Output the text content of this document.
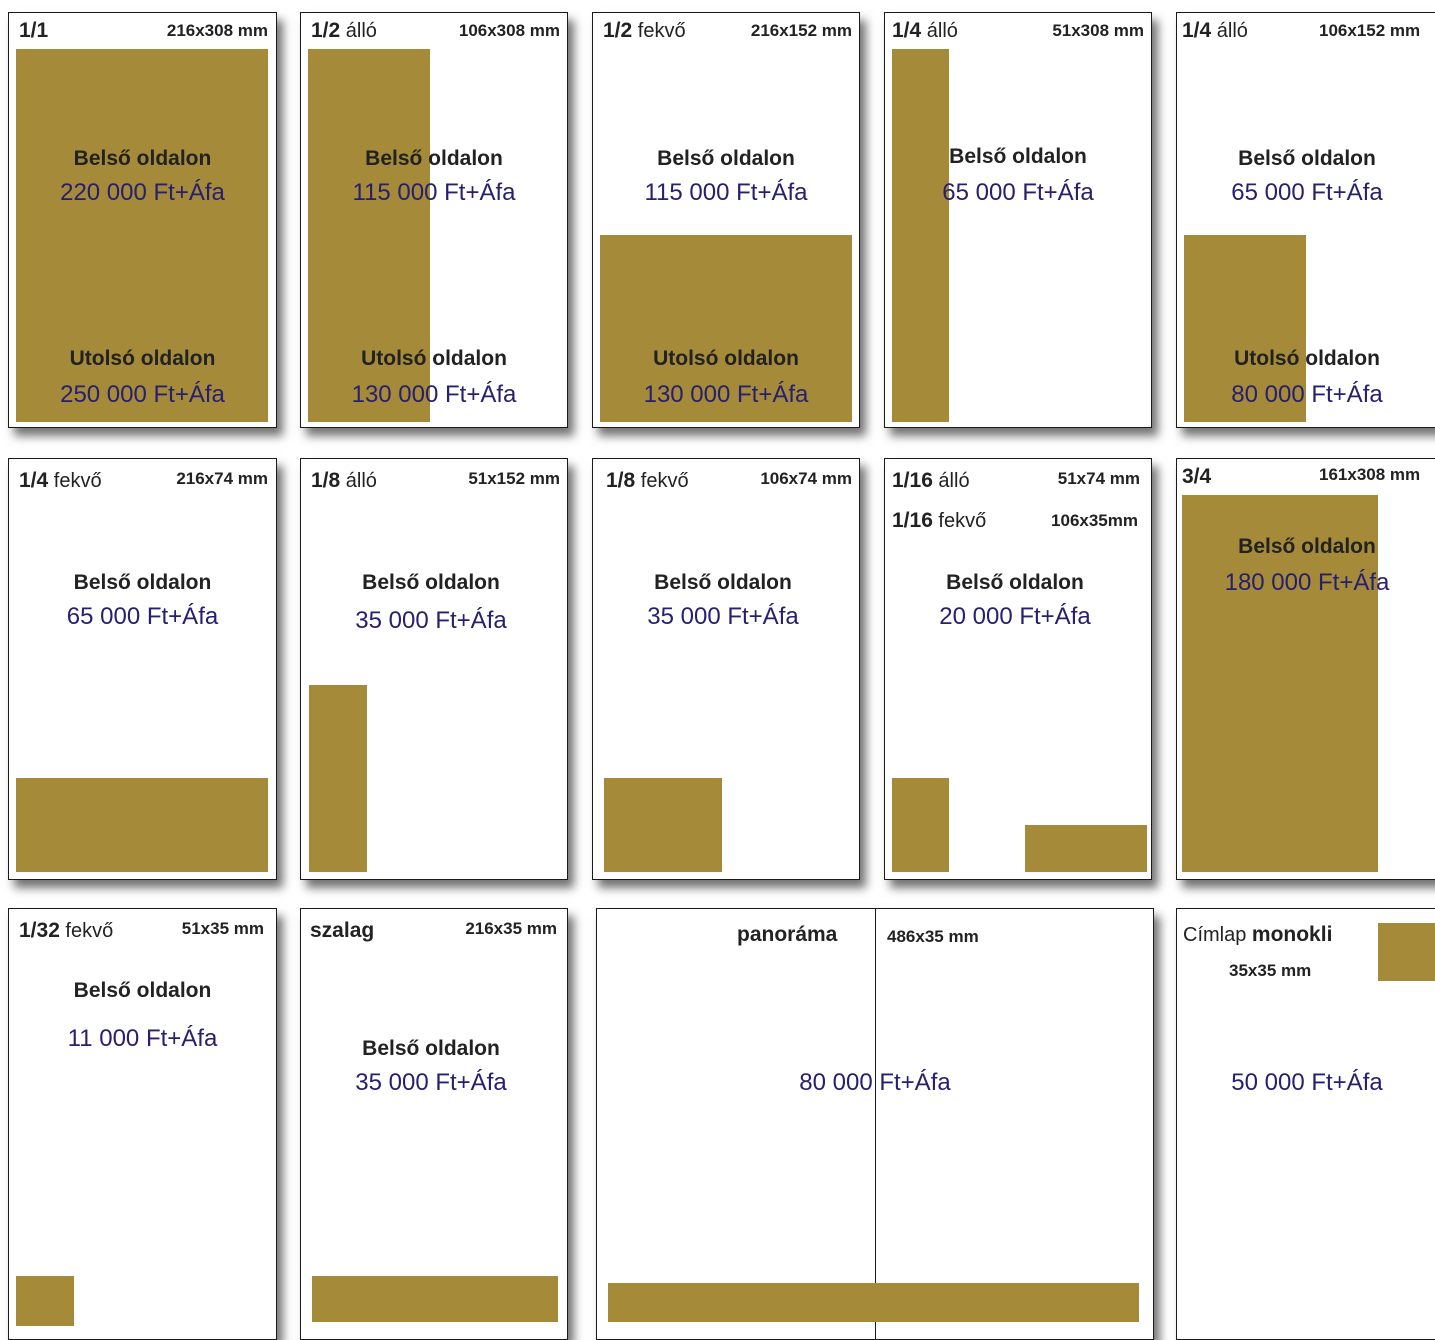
1/1	216x308 mm
Belső oldalon
220 000 Ft+Áfa
Utolsó oldalon
250 000 Ft+Áfa
1/2 álló	106x308 mm
Belső oldalon
115 000 Ft+Áfa
Utolsó oldalon
130 000 Ft+Áfa
1/2 fekvő	216x152 mm
Belső oldalon
115 000 Ft+Áfa
Utolsó oldalon
130 000 Ft+Áfa
1/4 álló	51x308 mm
Belső oldalon
65 000 Ft+Áfa
1/4 álló	106x152 mm
Belső oldalon
65 000 Ft+Áfa
Utolsó oldalon
80 000 Ft+Áfa
1/4 fekvő	216x74 mm
Belső oldalon
65 000 Ft+Áfa
1/8 álló	51x152 mm
Belső oldalon
35 000 Ft+Áfa
1/8 fekvő	106x74 mm
Belső oldalon
35 000 Ft+Áfa
1/16 álló	51x74 mm
1/16 fekvő	106x35mm
Belső oldalon
20 000 Ft+Áfa
3/4	161x308 mm
Belső oldalon
180 000 Ft+Áfa
1/32 fekvő	51x35 mm
Belső oldalon
11 000 Ft+Áfa
szalag	216x35 mm
Belső oldalon
35 000 Ft+Áfa
panoráma	486x35 mm
80 000 Ft+Áfa
Címlap monokli
35x35 mm
50 000 Ft+Áfa
